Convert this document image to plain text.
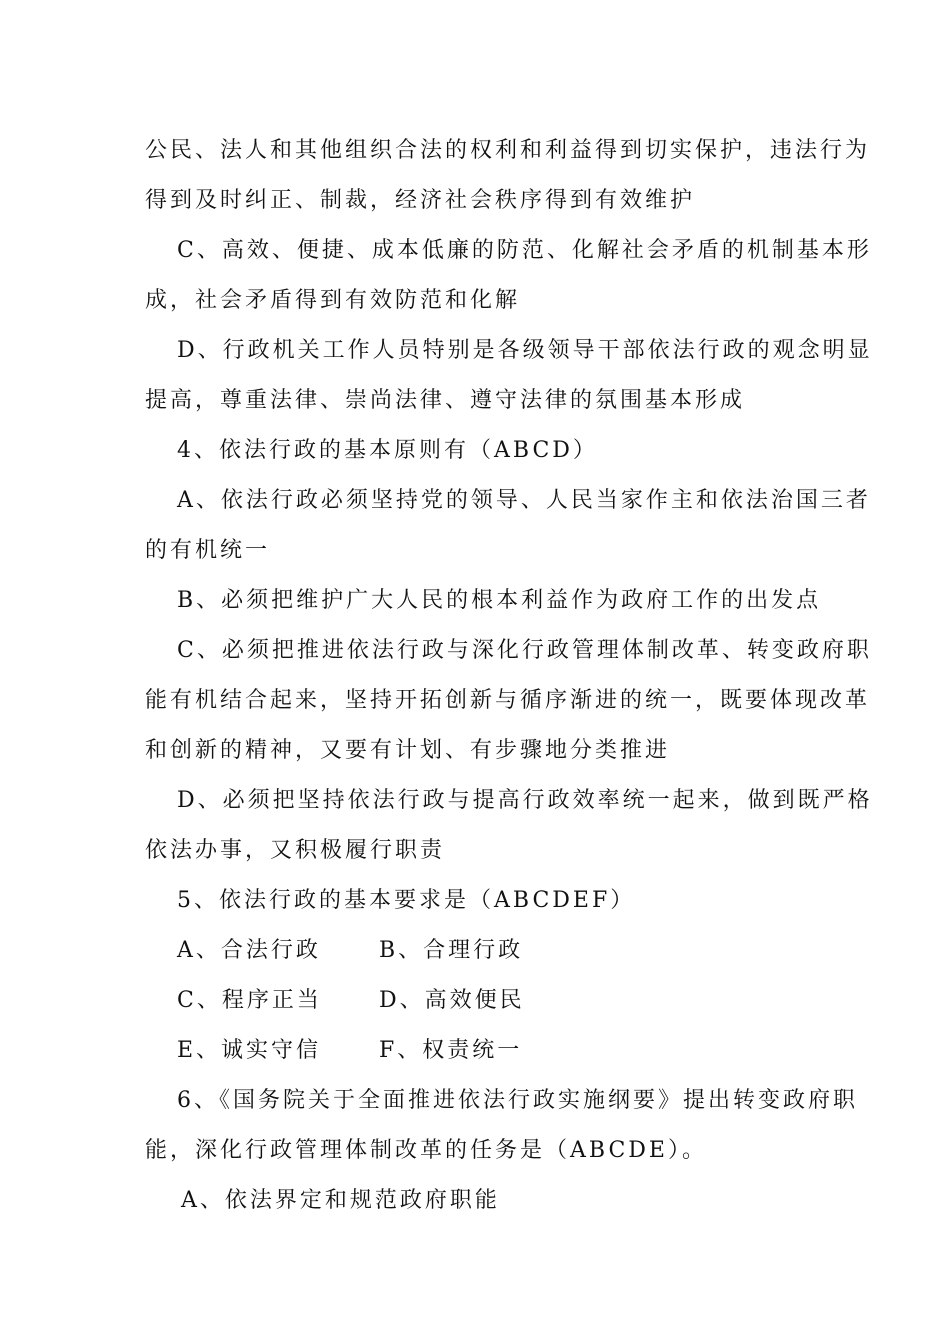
公民、法人和其他组织合法的权利和利益得到切实保护，违法行为
得到及时纠正、制裁，经济社会秩序得到有效维护
C、高效、便捷、成本低廉的防范、化解社会矛盾的机制基本形
成，社会矛盾得到有效防范和化解
D、行政机关工作人员特别是各级领导干部依法行政的观念明显
提高，尊重法律、崇尚法律、遵守法律的氛围基本形成
4、依法行政的基本原则有（ABCD）
A、依法行政必须坚持党的领导、人民当家作主和依法治国三者
的有机统一
B、必须把维护广大人民的根本利益作为政府工作的出发点
C、必须把推进依法行政与深化行政管理体制改革、转变政府职
能有机结合起来，坚持开拓创新与循序渐进的统一，既要体现改革
和创新的精神，又要有计划、有步骤地分类推进
D、必须把坚持依法行政与提高行政效率统一起来，做到既严格
依法办事，又积极履行职责
5、依法行政的基本要求是（ABCDEF）
A、合法行政	B、合理行政
C、程序正当	D、高效便民
E、诚实守信	F、权责统一
6、《国务院关于全面推进依法行政实施纲要》提出转变政府职
能，深化行政管理体制改革的任务是（ABCDE）。
A、依法界定和规范政府职能
